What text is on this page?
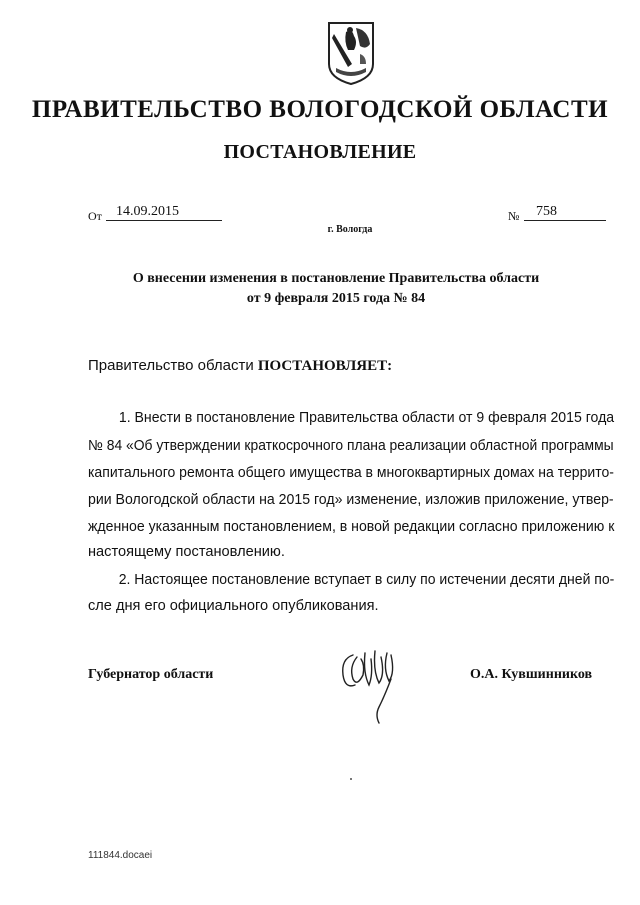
ПРАВИТЕЛЬСТВО ВОЛОГОДСКОЙ ОБЛАСТИ
ПОСТАНОВЛЕНИЕ
От	14.09.2015	№	758
г. Вологда
О внесении изменения в постановление Правительства области
от 9 февраля 2015 года № 84
Правительство области ПОСТАНОВЛЯЕТ:
1. Внести в постановление Правительства области от 9 февраля 2015 года
№ 84 «Об утверждении краткосрочного плана реализации областной программы
капитального ремонта общего имущества в многоквартирных домах на террито-
рии Вологодской области на 2015 год» изменение, изложив приложение, утвер-
жденное указанным постановлением, в новой редакции согласно приложению к
настоящему постановлению.
2. Настоящее постановление вступает в силу по истечении десяти дней по-
сле дня его официального опубликования.
Губернатор области	О.А. Кувшинников
111844.docaei
